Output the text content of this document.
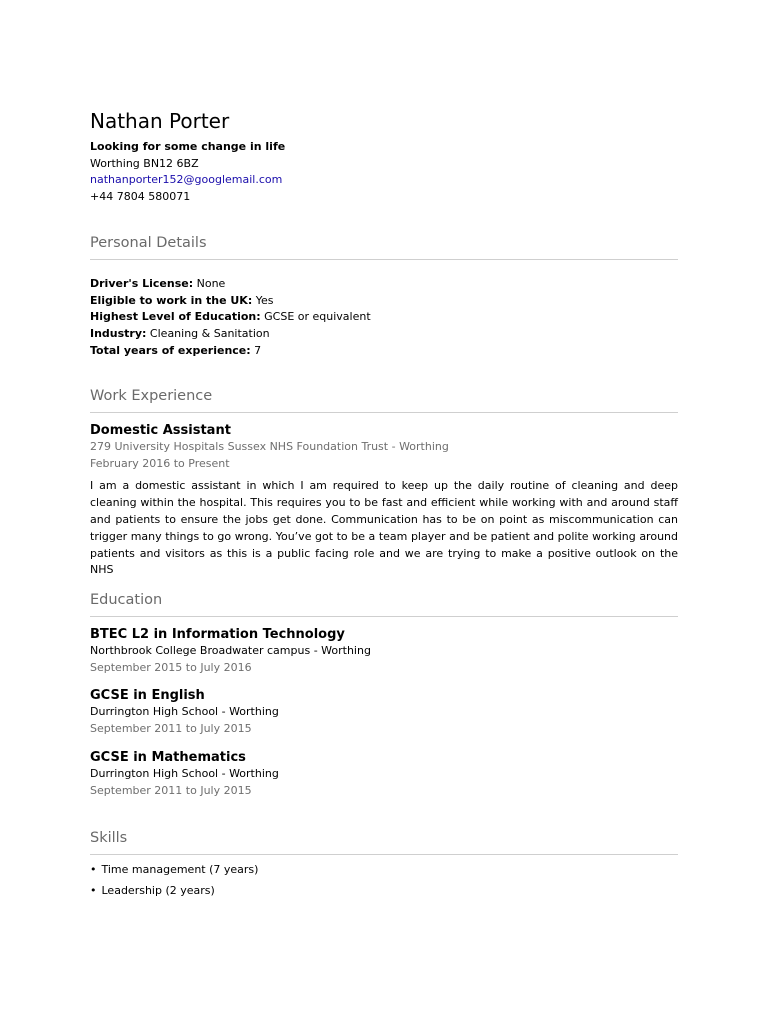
Nathan Porter
Looking for some change in life
Worthing BN12 6BZ
nathanporter152@googlemail.com
+44 7804 580071
Personal Details
Driver's License: None
Eligible to work in the UK: Yes
Highest Level of Education: GCSE or equivalent
Industry: Cleaning & Sanitation
Total years of experience: 7
Work Experience
Domestic Assistant
279 University Hospitals Sussex NHS Foundation Trust - Worthing
February 2016 to Present
I am a domestic assistant in which I am required to keep up the daily routine of cleaning and deep cleaning within the hospital. This requires you to be fast and efficient while working with and around staff and patients to ensure the jobs get done. Communication has to be on point as miscommunication can trigger many things to go wrong. You’ve got to be a team player and be patient and polite working around patients and visitors as this is a public facing role and we are trying to make a positive outlook on the NHS
Education
BTEC L2 in Information Technology
Northbrook College Broadwater campus - Worthing
September 2015 to July 2016
GCSE in English
Durrington High School - Worthing
September 2011 to July 2015
GCSE in Mathematics
Durrington High School - Worthing
September 2011 to July 2015
Skills
• Time management (7 years)
• Leadership (2 years)
